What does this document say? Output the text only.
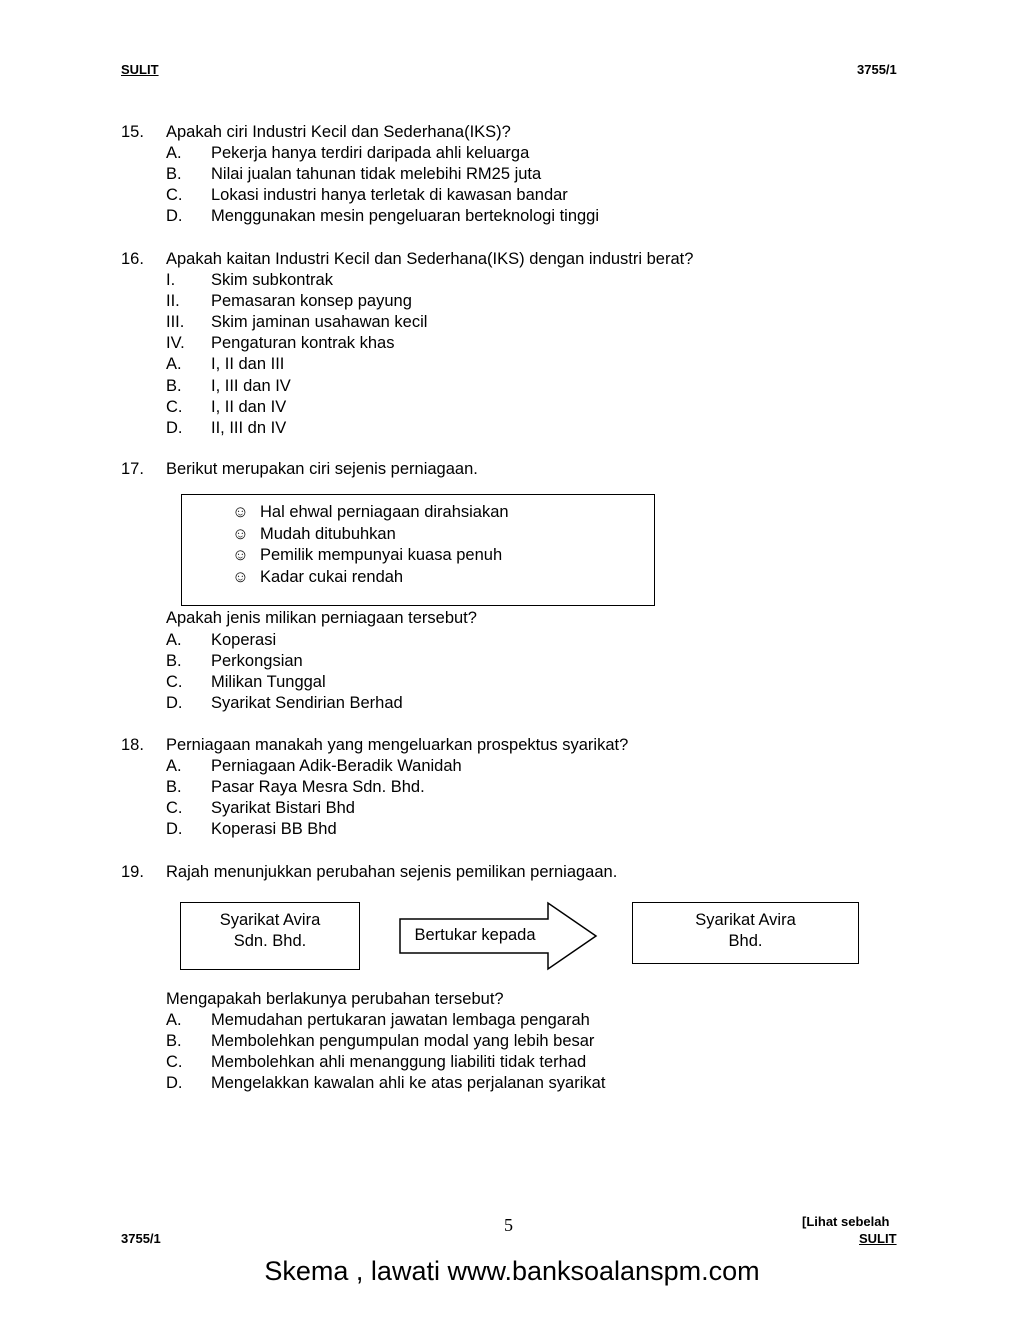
SULIT	3755/1
15. Apakah ciri Industri Kecil dan Sederhana(IKS)?
A. Pekerja hanya terdiri daripada ahli keluarga
B. Nilai jualan tahunan tidak melebihi RM25 juta
C. Lokasi industri hanya terletak di kawasan bandar
D. Menggunakan mesin pengeluaran berteknologi tinggi
16. Apakah kaitan Industri Kecil dan Sederhana(IKS) dengan industri berat?
I. Skim subkontrak
II. Pemasaran konsep payung
III. Skim jaminan usahawan kecil
IV. Pengaturan kontrak khas
A. I, II dan III
B. I, III dan IV
C. I, II dan IV
D. II, III dn IV
17. Berikut merupakan ciri sejenis perniagaan.
☺ Hal ehwal perniagaan dirahsiakan
☺ Mudah ditubuhkan
☺ Pemilik mempunyai kuasa penuh
☺ Kadar cukai rendah
Apakah jenis milikan perniagaan tersebut?
A. Koperasi
B. Perkongsian
C. Milikan Tunggal
D. Syarikat Sendirian Berhad
18. Perniagaan manakah yang mengeluarkan prospektus syarikat?
A. Perniagaan Adik-Beradik Wanidah
B. Pasar Raya Mesra Sdn. Bhd.
C. Syarikat Bistari Bhd
D. Koperasi BB Bhd
19. Rajah menunjukkan perubahan sejenis pemilikan perniagaan.
Syarikat Avira
Sdn. Bhd.	Bertukar kepada
Syarikat Avira
Bhd.
Mengapakah berlakunya perubahan tersebut?
A. Memudahan pertukaran jawatan lembaga pengarah
B. Membolehkan pengumpulan modal yang lebih besar
C. Membolehkan ahli menanggung liabiliti tidak terhad
D. Mengelakkan kawalan ahli ke atas perjalanan syarikat
5	[Lihat sebelah
SULIT
3755/1
Skema , lawati www.banksoalanspm.com
